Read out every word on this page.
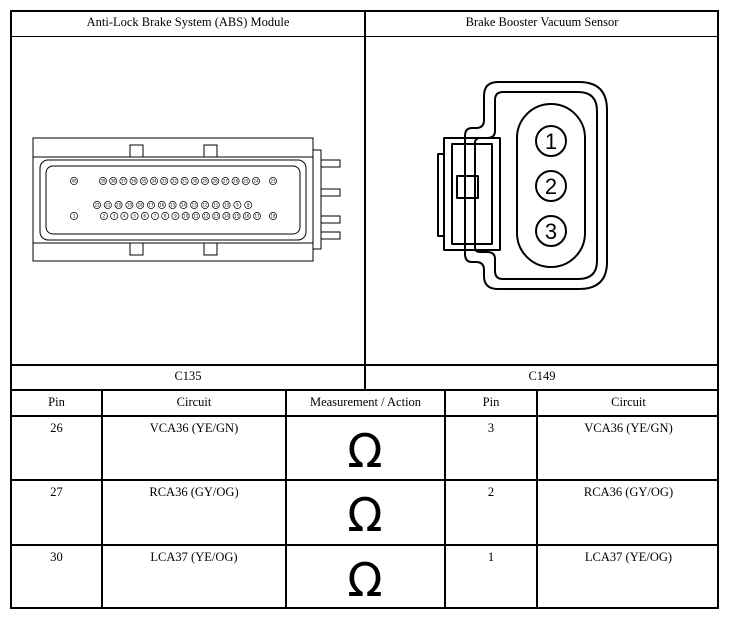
Anti-Lock Brake System (ABS) Module	Brake Booster Vacuum Sensor
C135	C149
Pin	Circuit	Measurement / Action	Pin	Circuit
26	VCA36 (YE/GN)	Ω	3	VCA36 (YE/GN)
27	RCA36 (GY/OG)	Ω	2	RCA36 (GY/OG)
30	LCA37 (YE/OG)	Ω	1	LCA37 (YE/OG)
40	39 38 37 36 35 34 33 32 31 30 29 28 27 26 25 24	23
22 21 20 19 18 17 16 15 14 13 12 11 10 9 8
1	2 3 4 5 6 7 8 9 10 11 12 13 14 15 16 17	18
1
2
3
